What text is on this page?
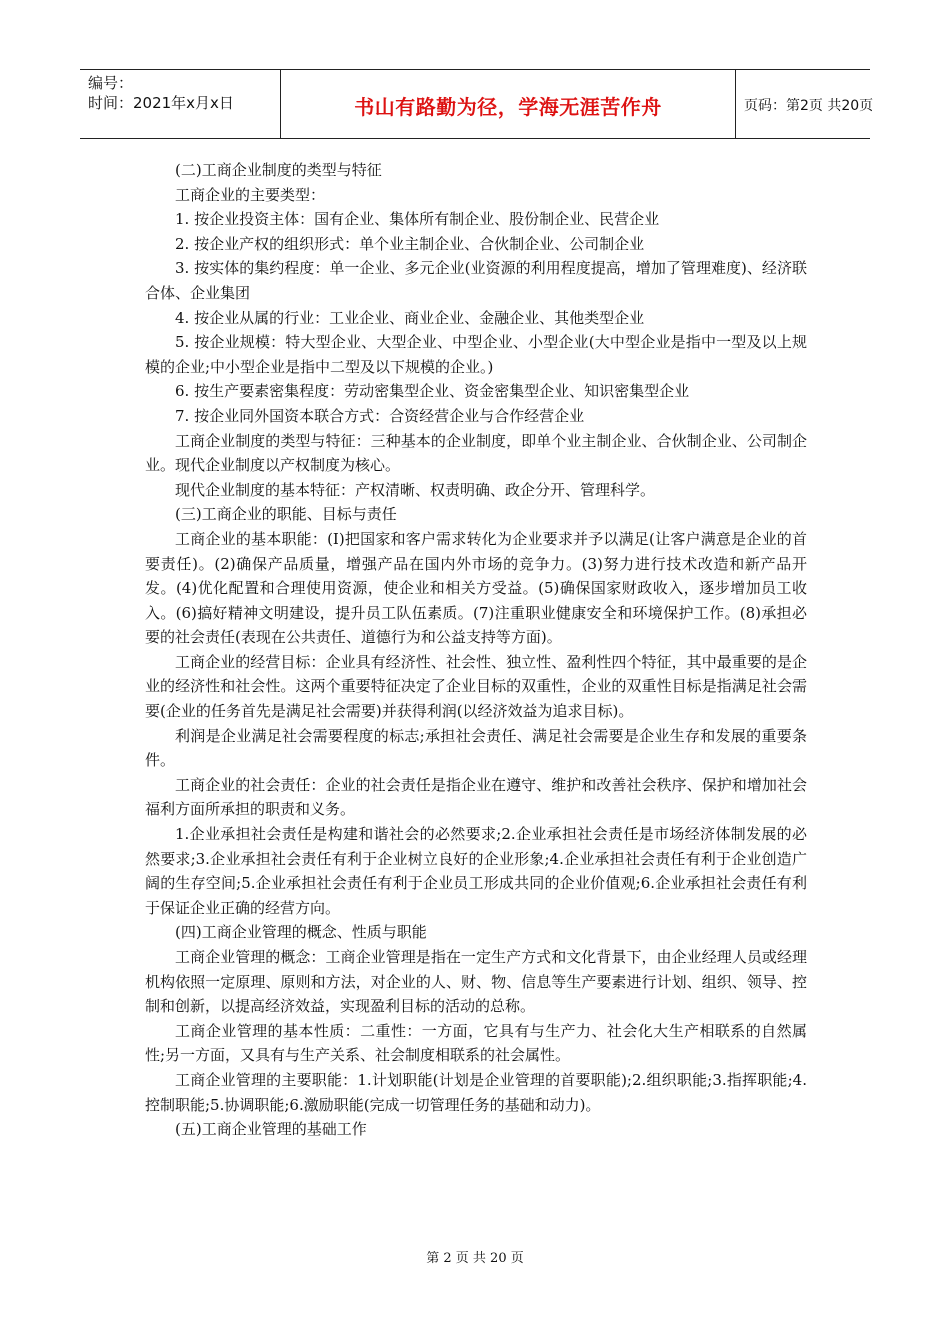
编号：
时间：2021年x月x日	书山有路勤为径，学海无涯苦作舟	页码：第2页 共20页

(二)工商企业制度的类型与特征

工商企业的主要类型：

1. 按企业投资主体：国有企业、集体所有制企业、股份制企业、民营企业

2. 按企业产权的组织形式：单个业主制企业、合伙制企业、公司制企业

3. 按实体的集约程度：单一企业、多元企业(业资源的利用程度提高，增加了管理难度)、经济联合体、企业集团

4. 按企业从属的行业：工业企业、商业企业、金融企业、其他类型企业

5. 按企业规模：特大型企业、大型企业、中型企业、小型企业(大中型企业是指中一型及以上规模的企业;中小型企业是指中二型及以下规模的企业。)

6. 按生产要素密集程度：劳动密集型企业、资金密集型企业、知识密集型企业

7. 按企业同外国资本联合方式：合资经营企业与合作经营企业

工商企业制度的类型与特征：三种基本的企业制度，即单个业主制企业、合伙制企业、公司制企业。现代企业制度以产权制度为核心。

现代企业制度的基本特征：产权清晰、权责明确、政企分开、管理科学。

(三)工商企业的职能、目标与责任

工商企业的基本职能：(I)把国家和客户需求转化为企业要求并予以满足(让客户满意是企业的首要责任)。(2)确保产品质量，增强产品在国内外市场的竞争力。(3)努力进行技术改造和新产品开发。(4)优化配置和合理使用资源，使企业和相关方受益。(5)确保国家财政收入，逐步增加员工收入。(6)搞好精神文明建设，提升员工队伍素质。(7)注重职业健康安全和环境保护工作。(8)承担必要的社会责任(表现在公共责任、道德行为和公益支持等方面)。

工商企业的经营目标：企业具有经济性、社会性、独立性、盈利性四个特征，其中最重要的是企业的经济性和社会性。这两个重要特征决定了企业目标的双重性，企业的双重性目标是指满足社会需要(企业的任务首先是满足社会需要)并获得利润(以经济效益为追求目标)。

利润是企业满足社会需要程度的标志;承担社会责任、满足社会需要是企业生存和发展的重要条件。

工商企业的社会责任：企业的社会责任是指企业在遵守、维护和改善社会秩序、保护和增加社会福利方面所承担的职责和义务。

1.企业承担社会责任是构建和谐社会的必然要求;2.企业承担社会责任是市场经济体制发展的必然要求;3.企业承担社会责任有利于企业树立良好的企业形象;4.企业承担社会责任有利于企业创造广阔的生存空间;5.企业承担社会责任有利于企业员工形成共同的企业价值观;6.企业承担社会责任有利于保证企业正确的经营方向。

(四)工商企业管理的概念、性质与职能

工商企业管理的概念：工商企业管理是指在一定生产方式和文化背景下，由企业经理人员或经理机构依照一定原理、原则和方法，对企业的人、财、物、信息等生产要素进行计划、组织、领导、控制和创新，以提高经济效益，实现盈利目标的活动的总称。

工商企业管理的基本性质：二重性：一方面，它具有与生产力、社会化大生产相联系的自然属性;另一方面，又具有与生产关系、社会制度相联系的社会属性。

工商企业管理的主要职能：1.计划职能(计划是企业管理的首要职能);2.组织职能;3.指挥职能;4.控制职能;5.协调职能;6.激励职能(完成一切管理任务的基础和动力)。

(五)工商企业管理的基础工作

第 2 页 共 20 页
